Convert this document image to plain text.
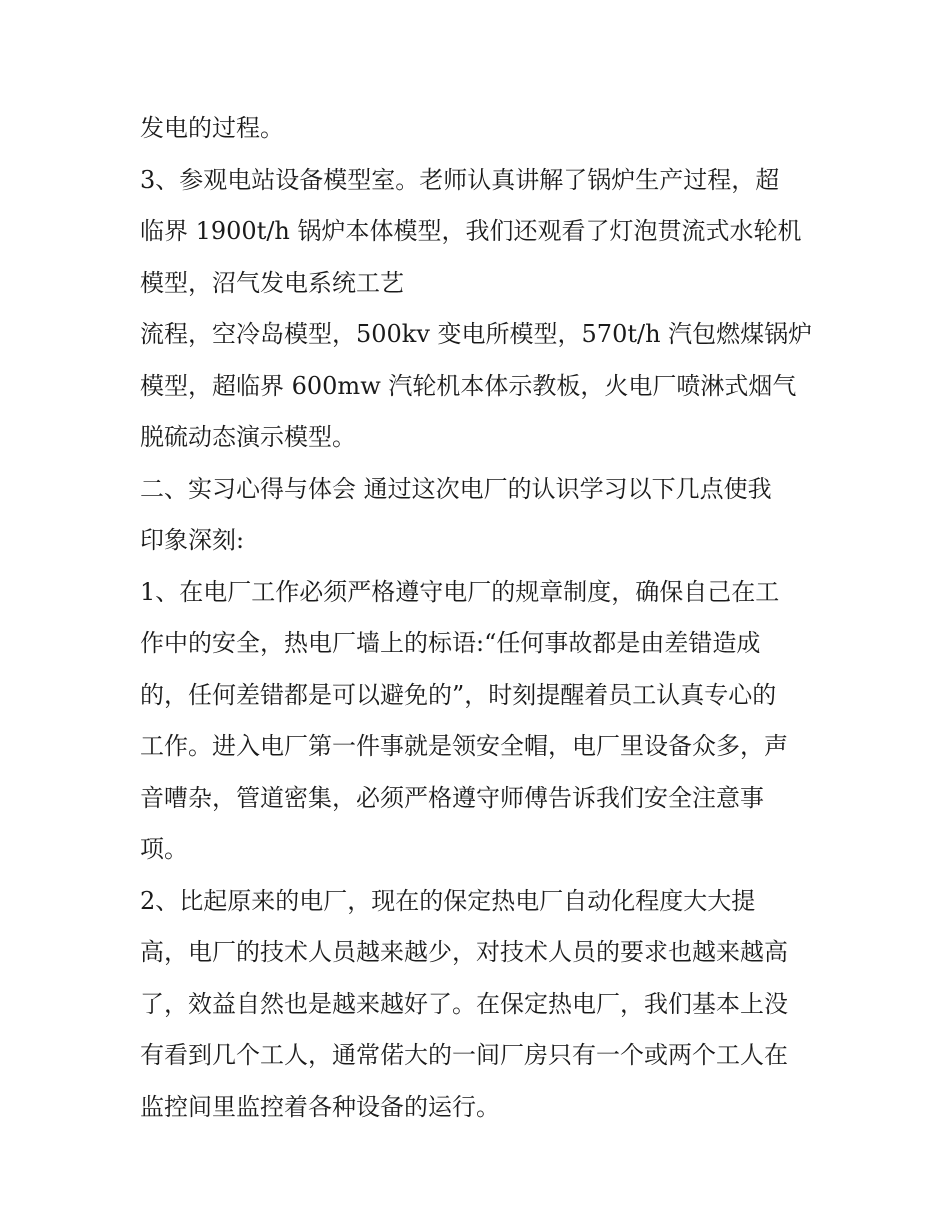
发电的过程。
3、参观电站设备模型室。老师认真讲解了锅炉生产过程，超
临界 1900t/h 锅炉本体模型，我们还观看了灯泡贯流式水轮机
模型，沼气发电系统工艺
流程，空冷岛模型，500kv 变电所模型，570t/h 汽包燃煤锅炉
模型，超临界 600mw 汽轮机本体示教板，火电厂喷淋式烟气
脱硫动态演示模型。
二、实习心得与体会 通过这次电厂的认识学习以下几点使我
印象深刻:
1、在电厂工作必须严格遵守电厂的规章制度，确保自己在工
作中的安全，热电厂墙上的标语:“任何事故都是由差错造成
的，任何差错都是可以避免的”，时刻提醒着员工认真专心的
工作。进入电厂第一件事就是领安全帽，电厂里设备众多，声
音嘈杂，管道密集，必须严格遵守师傅告诉我们安全注意事
项。
2、比起原来的电厂，现在的保定热电厂自动化程度大大提
高，电厂的技术人员越来越少，对技术人员的要求也越来越高
了，效益自然也是越来越好了。在保定热电厂，我们基本上没
有看到几个工人，通常偌大的一间厂房只有一个或两个工人在
监控间里监控着各种设备的运行。
